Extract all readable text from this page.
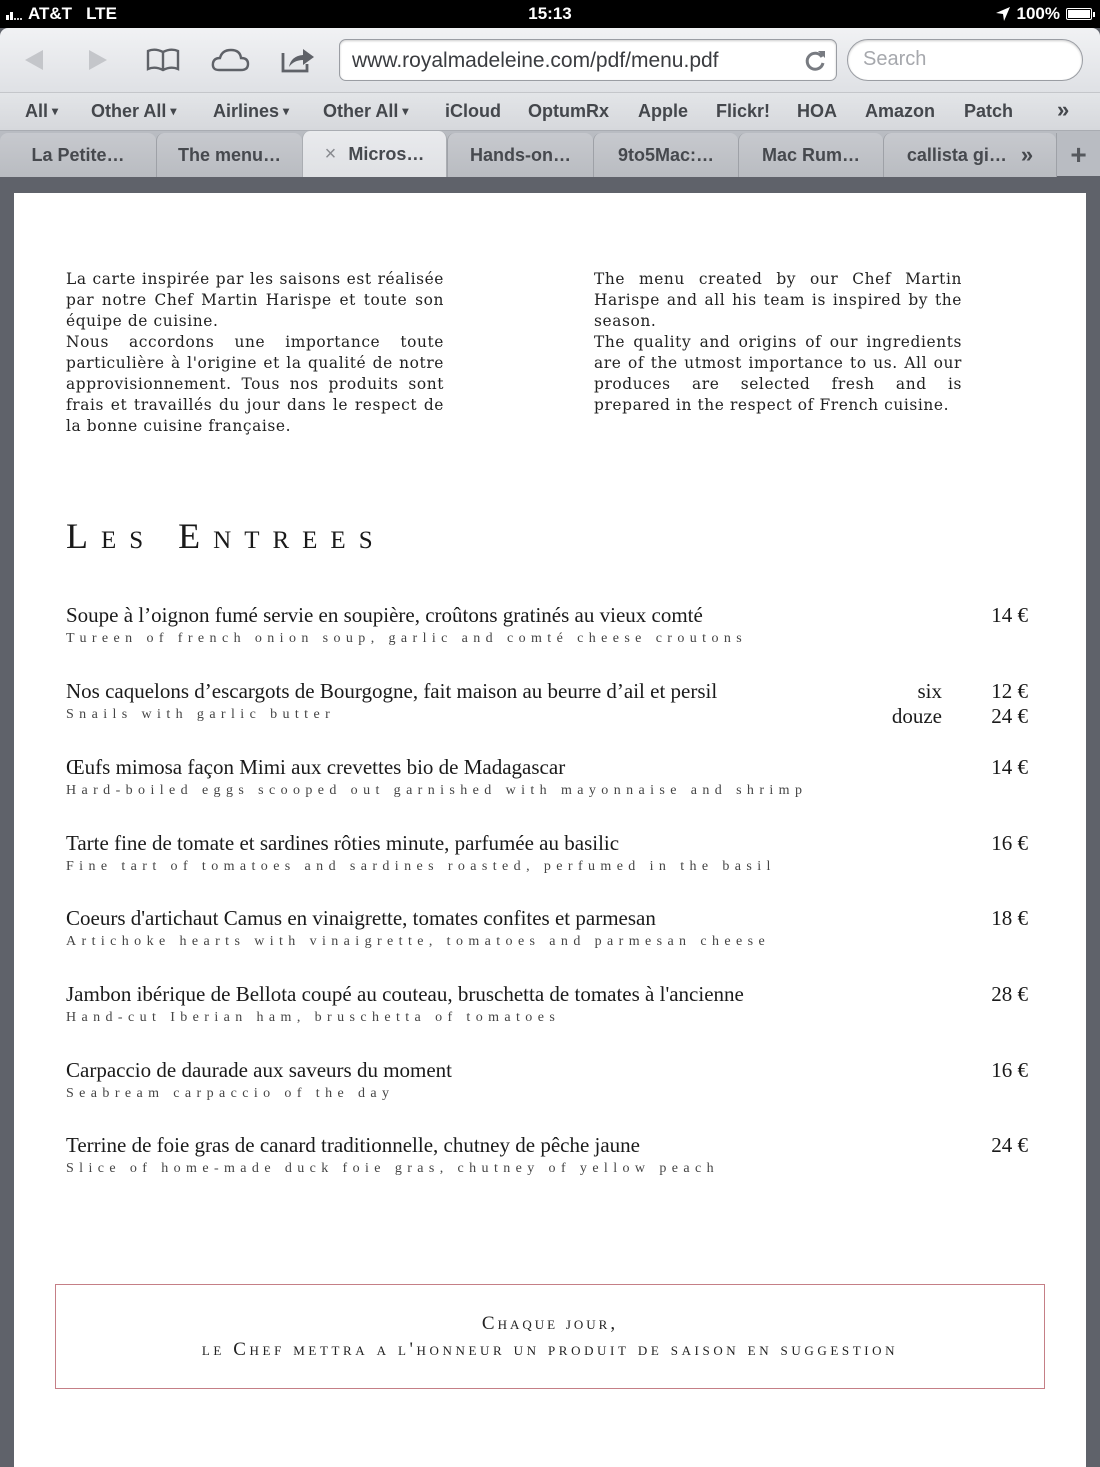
AT&T LTE	15:13	100%
www.royalmadeleine.com/pdf/menu.pdf
Search
All ▾ Other All ▾ Airlines ▾ Other All ▾ iCloud OptumRx Apple Flickr! HOA Amazon Patch »
La Petite…	The menu… × Micros…	Hands-on…	9to5Mac:…	Mac Rum…	callista gi… »	+

La carte inspirée par les saisons est réalisée par notre Chef Martin Harispe et toute son équipe de cuisine.

Nous accordons une importance toute particulière à l'origine et la qualité de notre approvisionnement. Tous nos produits sont frais et travaillés du jour dans le respect de la bonne cuisine française.

The menu created by our Chef Martin Harispe and all his team is inspired by the season.

The quality and origins of our ingredients are of the utmost importance to us. All our produces are selected fresh and is prepared in the respect of French cuisine.

Les Entrees
Soupe à l’oignon fumé servie en soupière, croûtons gratinés au vieux comté
Tureen of french onion soup, garlic and comté cheese croutons
14 €
Nos caquelons d’escargots de Bourgogne, fait maison au beurre d’ail et persil
Snails with garlic butter
six 12 €
douze 24 €
Œufs mimosa façon Mimi aux crevettes bio de Madagascar
Hard-boiled eggs scooped out garnished with mayonnaise and shrimp
14 €
Tarte fine de tomate et sardines rôties minute, parfumée au basilic
Fine tart of tomatoes and sardines roasted, perfumed in the basil
16 €
Coeurs d'artichaut Camus en vinaigrette, tomates confites et parmesan
Artichoke hearts with vinaigrette, tomatoes and parmesan cheese
18 €
Jambon ibérique de Bellota coupé au couteau, bruschetta de tomates à l'ancienne
Hand-cut Iberian ham, bruschetta of tomatoes
28 €
Carpaccio de daurade aux saveurs du moment
Seabream carpaccio of the day
16 €
Terrine de foie gras de canard traditionnelle, chutney de pêche jaune
Slice of home-made duck foie gras, chutney of yellow peach
24 €
Chaque jour,
le Chef mettra a l'honneur un produit de saison en suggestion
